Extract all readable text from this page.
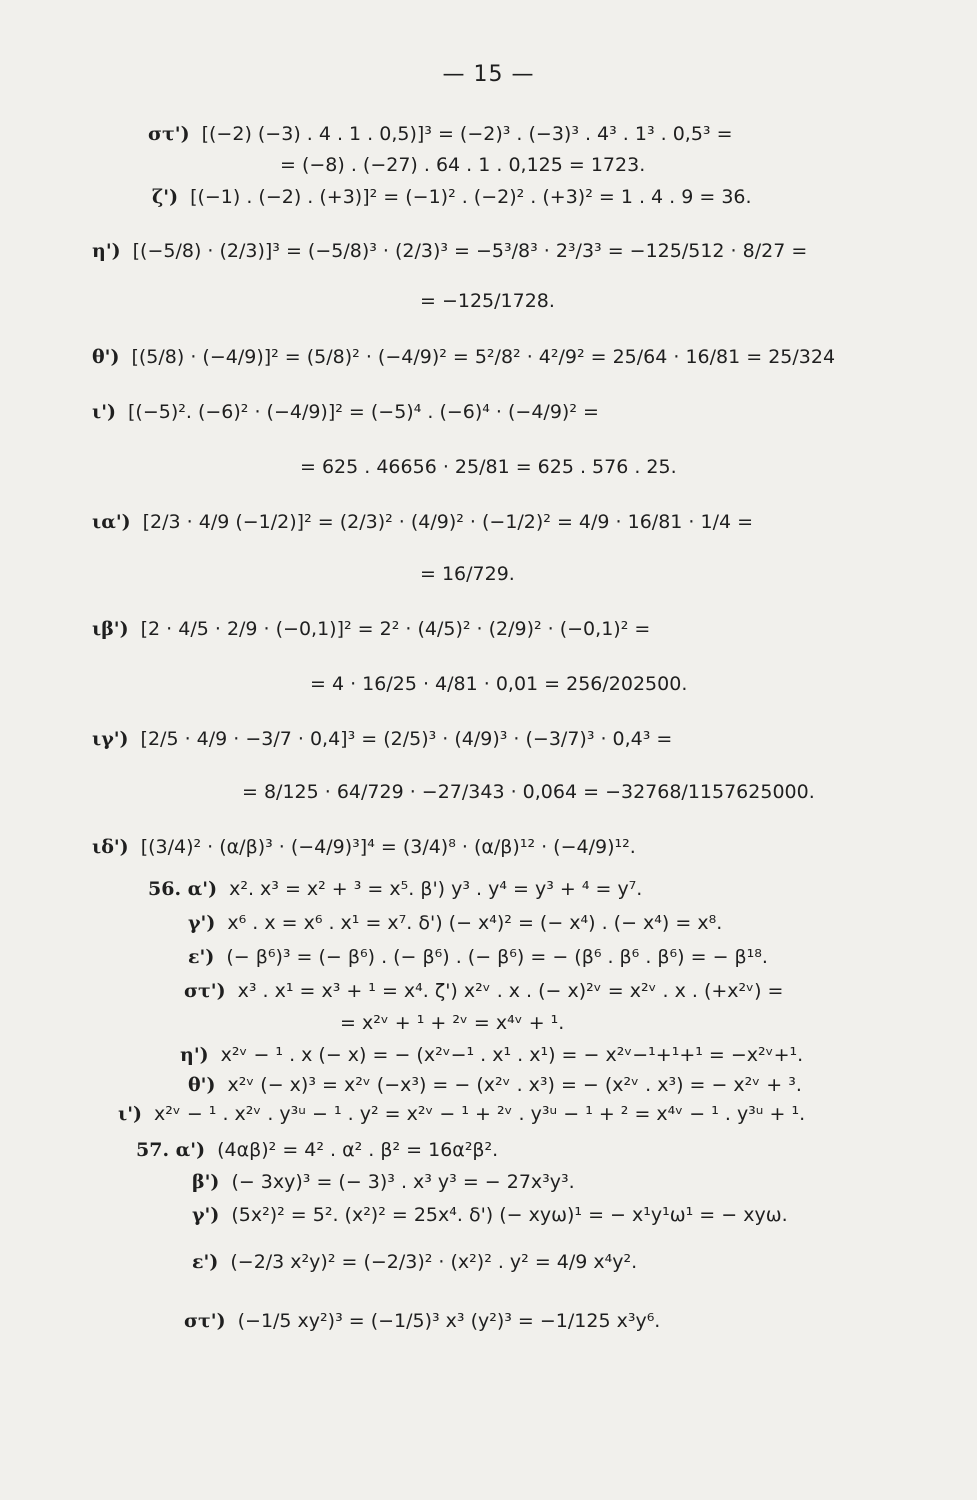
— 15 —
στ') [(−2) (−3) . 4 . 1 . 0,5)]³ = (−2)³ . (−3)³ . 4³ . 1³ . 0,5³ =
= (−8) . (−27) . 64 . 1 . 0,125 = 1723.
ζ') [(−1) . (−2) . (+3)]² = (−1)² . (−2)² . (+3)² = 1 . 4 . 9 = 36.
η') [(−5/8) · (2/3)]³ = (−5/8)³ · (2/3)³ = −5³/8³ · 2³/3³ = −125/512 · 8/27 =
= −125/1728.
θ') [(5/8) · (−4/9)]² = (5/8)² · (−4/9)² = 5²/8² · 4²/9² = 25/64 · 16/81 = 25/324
ι') [(−5)². (−6)² · (−4/9)]² = (−5)⁴ . (−6)⁴ · (−4/9)² =
= 625 . 46656 · 25/81 = 625 . 576 . 25.
ια') [2/3 · 4/9 (−1/2)]² = (2/3)² · (4/9)² · (−1/2)² = 4/9 · 16/81 · 1/4 =
= 16/729.
ιβ') [2 · 4/5 · 2/9 · (−0,1)]² = 2² · (4/5)² · (2/9)² · (−0,1)² =
= 4 · 16/25 · 4/81 · 0,01 = 256/202500.
ιγ') [2/5 · 4/9 · −3/7 · 0,4]³ = (2/5)³ · (4/9)³ · (−3/7)³ · 0,4³ =
= 8/125 · 64/729 · −27/343 · 0,064 = −32768/1157625000.
ιδ') [(3/4)² · (α/β)³ · (−4/9)³]⁴ = (3/4)⁸ · (α/β)¹² · (−4/9)¹².
56. α') x². x³ = x² + ³ = x⁵. β') y³ . y⁴ = y³ + ⁴ = y⁷.
γ') x⁶ . x = x⁶ . x¹ = x⁷. δ') (− x⁴)² = (− x⁴) . (− x⁴) = x⁸.
ε') (− β⁶)³ = (− β⁶) . (− β⁶) . (− β⁶) = − (β⁶ . β⁶ . β⁶) = − β¹⁸.
στ') x³ . x¹ = x³ + ¹ = x⁴. ζ') x²ᵛ . x . (− x)²ᵛ = x²ᵛ . x . (+x²ᵛ) =
= x²ᵛ + ¹ + ²ᵛ = x⁴ᵛ + ¹.
η') x²ᵛ − ¹ . x (− x) = − (x²ᵛ−¹ . x¹ . x¹) = − x²ᵛ−¹+¹+¹ = −x²ᵛ+¹.
θ') x²ᵛ (− x)³ = x²ᵛ (−x³) = − (x²ᵛ . x³) = − (x²ᵛ . x³) = − x²ᵛ + ³.
ι') x²ᵛ − ¹ . x²ᵛ . y³ᵘ − ¹ . y² = x²ᵛ − ¹ + ²ᵛ . y³ᵘ − ¹ + ² = x⁴ᵛ − ¹ . y³ᵘ + ¹.
57. α') (4αβ)² = 4² . α² . β² = 16α²β².
β') (− 3xy)³ = (− 3)³ . x³ y³ = − 27x³y³.
γ') (5x²)² = 5². (x²)² = 25x⁴. δ') (− xyω)¹ = − x¹y¹ω¹ = − xyω.
ε') (−2/3 x²y)² = (−2/3)² · (x²)² . y² = 4/9 x⁴y².
στ') (−1/5 xy²)³ = (−1/5)³ x³ (y²)³ = −1/125 x³y⁶.
